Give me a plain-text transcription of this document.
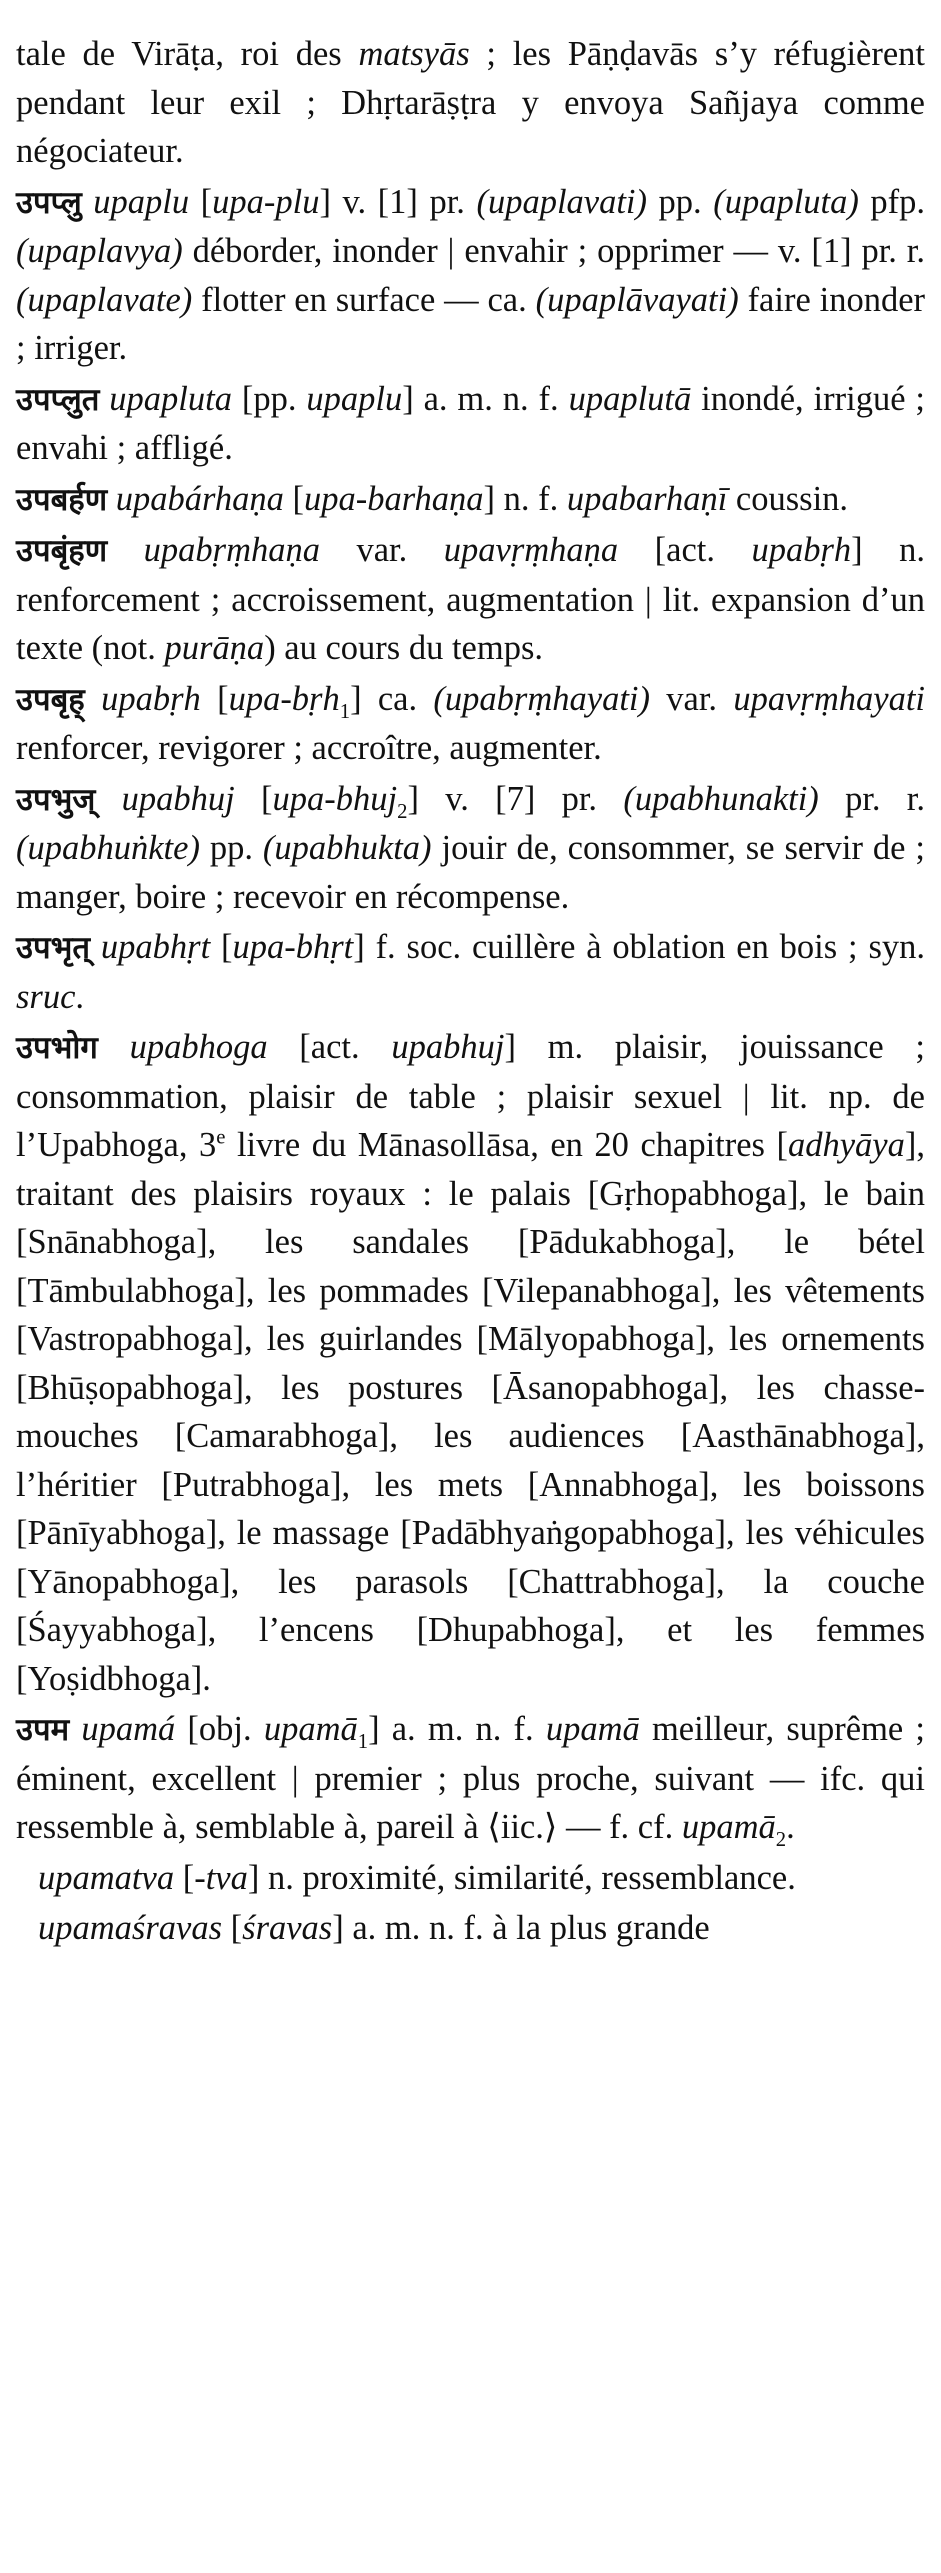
tale de Virāṭa, roi des matsyās ; les Pāṇḍavās s’y réfugièrent pendant leur exil ; Dhṛtarāṣṭra y envoya Sañjaya comme négociateur.

उपप्लु upaplu [upa-plu] v. [1] pr. (upaplavati) pp. (upapluta) pfp. (upaplavya) déborder, inonder | envahir ; opprimer — v. [1] pr. r. (upaplavate) flotter en surface — ca. (upaplāvayati) faire inonder ; irriger.

उपप्लुत upapluta [pp. upaplu] a. m. n. f. upaplutā inondé, irrigué ; envahi ; affligé.

उपबर्हण upabárhaṇa [upa-barhaṇa] n. f. upabarhaṇī coussin.

उपबृंहण upabṛṃhaṇa var. upavṛṃhaṇa [act. upabṛh] n. renforcement ; accroissement, augmentation | lit. expansion d’un texte (not. purāṇa) au cours du temps.

उपबृह् upabṛh [upa-bṛh$_1$] ca. (upabṛṃhayati) var. upavṛṃhayati renforcer, revigorer ; accroître, augmenter.

उपभुज् upabhuj [upa-bhuj$_2$] v. [7] pr. (upabhunakti) pr. r. (upabhuṅkte) pp. (upabhukta) jouir de, consommer, se servir de ; manger, boire ; recevoir en récompense.

उपभृत् upabhṛt [upa-bhṛt] f. soc. cuillère à oblation en bois ; syn. sruc.

उपभोग upabhoga [act. upabhuj] m. plaisir, jouissance ; consommation, plaisir de table ; plaisir sexuel | lit. np. de l’Upabhoga, 3e livre du Mānasollāsa, en 20 chapitres [adhyāya], traitant des plaisirs royaux : le palais [Gṛhopabhoga], le bain [Snānabhoga], les sandales [Pādukabhoga], le bétel [Tāmbulabhoga], les pommades [Vilepanabhoga], les vêtements [Vastropabhoga], les guirlandes [Mālyopabhoga], les ornements [Bhūṣopabhoga], les postures [Āsanopabhoga], les chasse-mouches [Camarabhoga], les audiences [Aasthānabhoga], l’héritier [Putrabhoga], les mets [Annabhoga], les boissons [Pānīyabhoga], le massage [Padābhyaṅgopabhoga], les véhicules [Yānopabhoga], les parasols [Chattrabhoga], la couche [Śayyabhoga], l’encens [Dhupabhoga], et les femmes [Yoṣidbhoga].

उपम upamá [obj. upamā$_1$] a. m. n. f. upamā meilleur, suprême ; éminent, excellent | premier ; plus proche, suivant — ifc. qui ressemble à, semblable à, pareil à ⟨iic.⟩ — f. cf. upamā$_2$.

upamatva [-tva] n. proximité, similarité, ressemblance.

upamaśravas [śravas] a. m. n. f. à la plus grande
